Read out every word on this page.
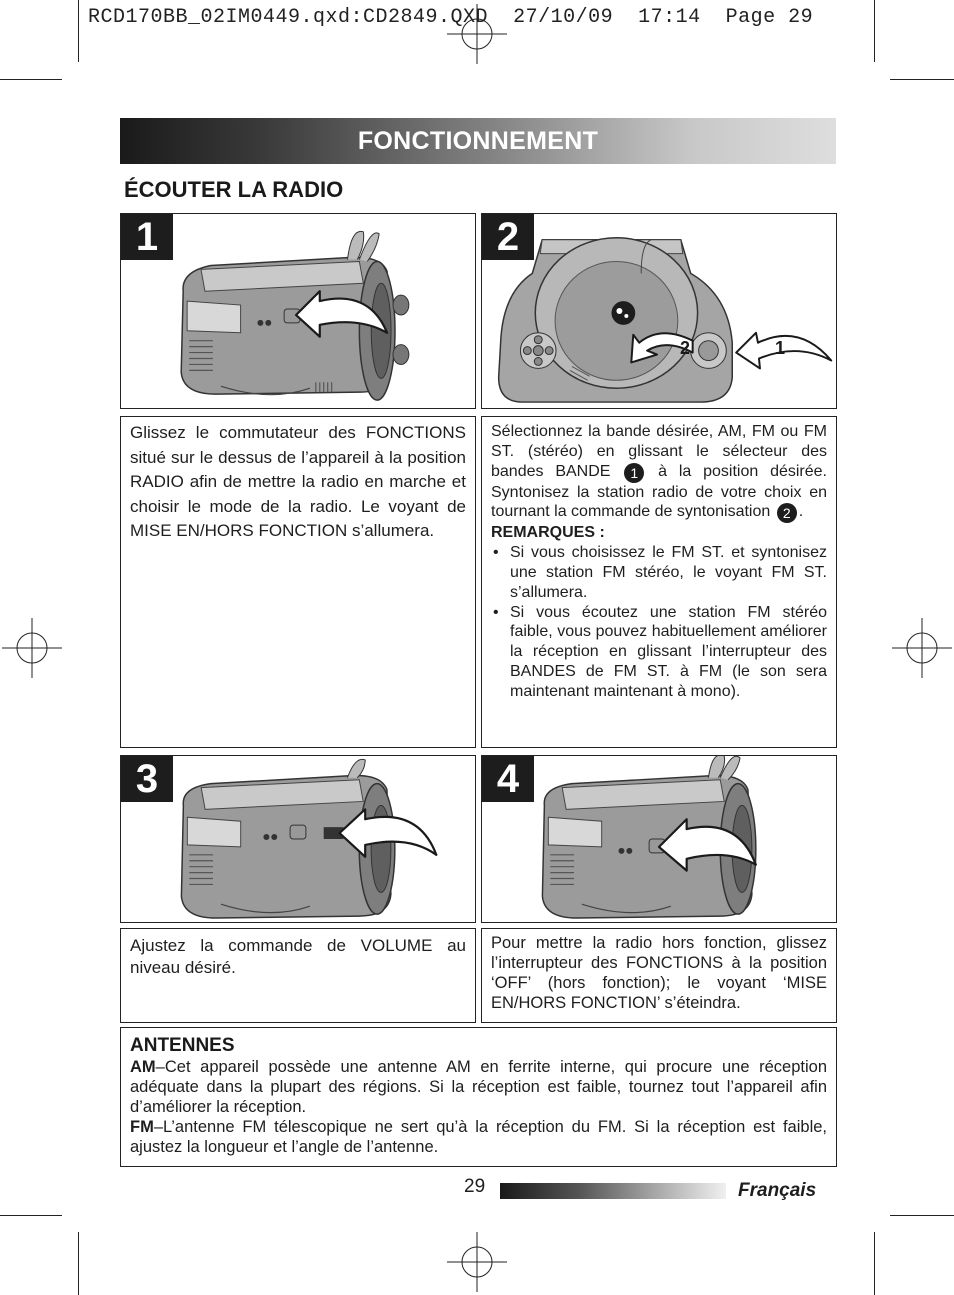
RCD170BB_02IM0449.qxd:CD2849.QXD  27/10/09  17:14  Page 29
FONCTIONNEMENT
ÉCOUTER LA RADIO
1	2
2	1
Glissez le commutateur des FONCTIONS situé sur le dessus de l’appareil à la position RADIO afin de mettre la radio en marche et choisir le mode de la radio. Le voyant de MISE EN/HORS FONCTION s’allumera.
Sélectionnez la bande désirée, AM, FM ou FM ST. (stéréo) en glissant le sélecteur des bandes BANDE 1 à la position désirée. Syntonisez la station radio de votre choix en tournant la commande de syntonisation 2 .
REMARQUES :
• Si vous choisissez le FM ST. et syntonisez une station FM stéréo, le voyant FM ST. s’allumera.
• Si vous écoutez une station FM stéréo faible, vous pouvez habituellement améliorer la réception en glissant l’interrupteur des BANDES de FM ST. à FM (le son sera maintenant maintenant à mono).
3	4
Ajustez la commande de VOLUME au niveau désiré.
Pour mettre la radio hors fonction, glissez l’interrupteur des FONCTIONS à la position ‘OFF’ (hors fonction); le voyant ‘MISE EN/HORS FONCTION’ s’éteindra.
ANTENNES
AM–Cet appareil possède une antenne AM en ferrite interne, qui procure une réception adéquate dans la plupart des régions. Si la réception est faible, tournez tout l’appareil afin d’améliorer la réception.
FM–L’antenne FM télescopique ne sert qu’à la réception du FM. Si la réception est faible, ajustez la longueur et l’angle de l’antenne.
29	Français
